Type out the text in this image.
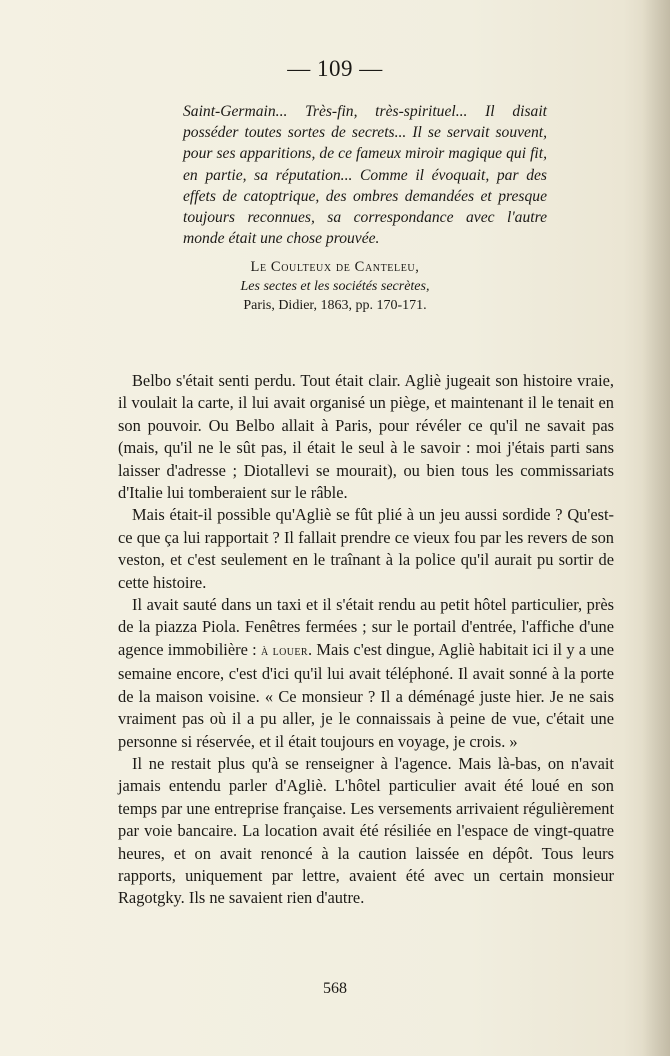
— 109 —

Saint-Germain... Très-fin, très-spirituel... Il disait posséder toutes sortes de secrets... Il se servait souvent, pour ses apparitions, de ce fameux miroir magique qui fit, en partie, sa réputation... Comme il évoquait, par des effets de catoptrique, des ombres demandées et presque toujours reconnues, sa correspondance avec l'autre monde était une chose prouvée.

Le Coulteux de Canteleu,
Les sectes et les sociétés secrètes,
Paris, Didier, 1863, pp. 170-171.

Belbo s'était senti perdu. Tout était clair. Agliè jugeait son histoire vraie, il voulait la carte, il lui avait organisé un piège, et maintenant il le tenait en son pouvoir. Ou Belbo allait à Paris, pour révéler ce qu'il ne savait pas (mais, qu'il ne le sût pas, il était le seul à le savoir : moi j'étais parti sans laisser d'adresse ; Diotallevi se mourait), ou bien tous les commissariats d'Italie lui tomberaient sur le râble.

Mais était-il possible qu'Agliè se fût plié à un jeu aussi sordide ? Qu'est-ce que ça lui rapportait ? Il fallait prendre ce vieux fou par les revers de son veston, et c'est seulement en le traînant à la police qu'il aurait pu sortir de cette histoire.

Il avait sauté dans un taxi et il s'était rendu au petit hôtel particulier, près de la piazza Piola. Fenêtres fermées ; sur le portail d'entrée, l'affiche d'une agence immobilière : à louer. Mais c'est dingue, Agliè habitait ici il y a une semaine encore, c'est d'ici qu'il lui avait téléphoné. Il avait sonné à la porte de la maison voisine. « Ce monsieur ? Il a déménagé juste hier. Je ne sais vraiment pas où il a pu aller, je le connaissais à peine de vue, c'était une personne si réservée, et il était toujours en voyage, je crois. »

Il ne restait plus qu'à se renseigner à l'agence. Mais là-bas, on n'avait jamais entendu parler d'Agliè. L'hôtel particulier avait été loué en son temps par une entreprise française. Les versements arrivaient régulièrement par voie bancaire. La location avait été résiliée en l'espace de vingt-quatre heures, et on avait renoncé à la caution laissée en dépôt. Tous leurs rapports, uniquement par lettre, avaient été avec un certain monsieur Ragotgky. Ils ne savaient rien d'autre.

568
